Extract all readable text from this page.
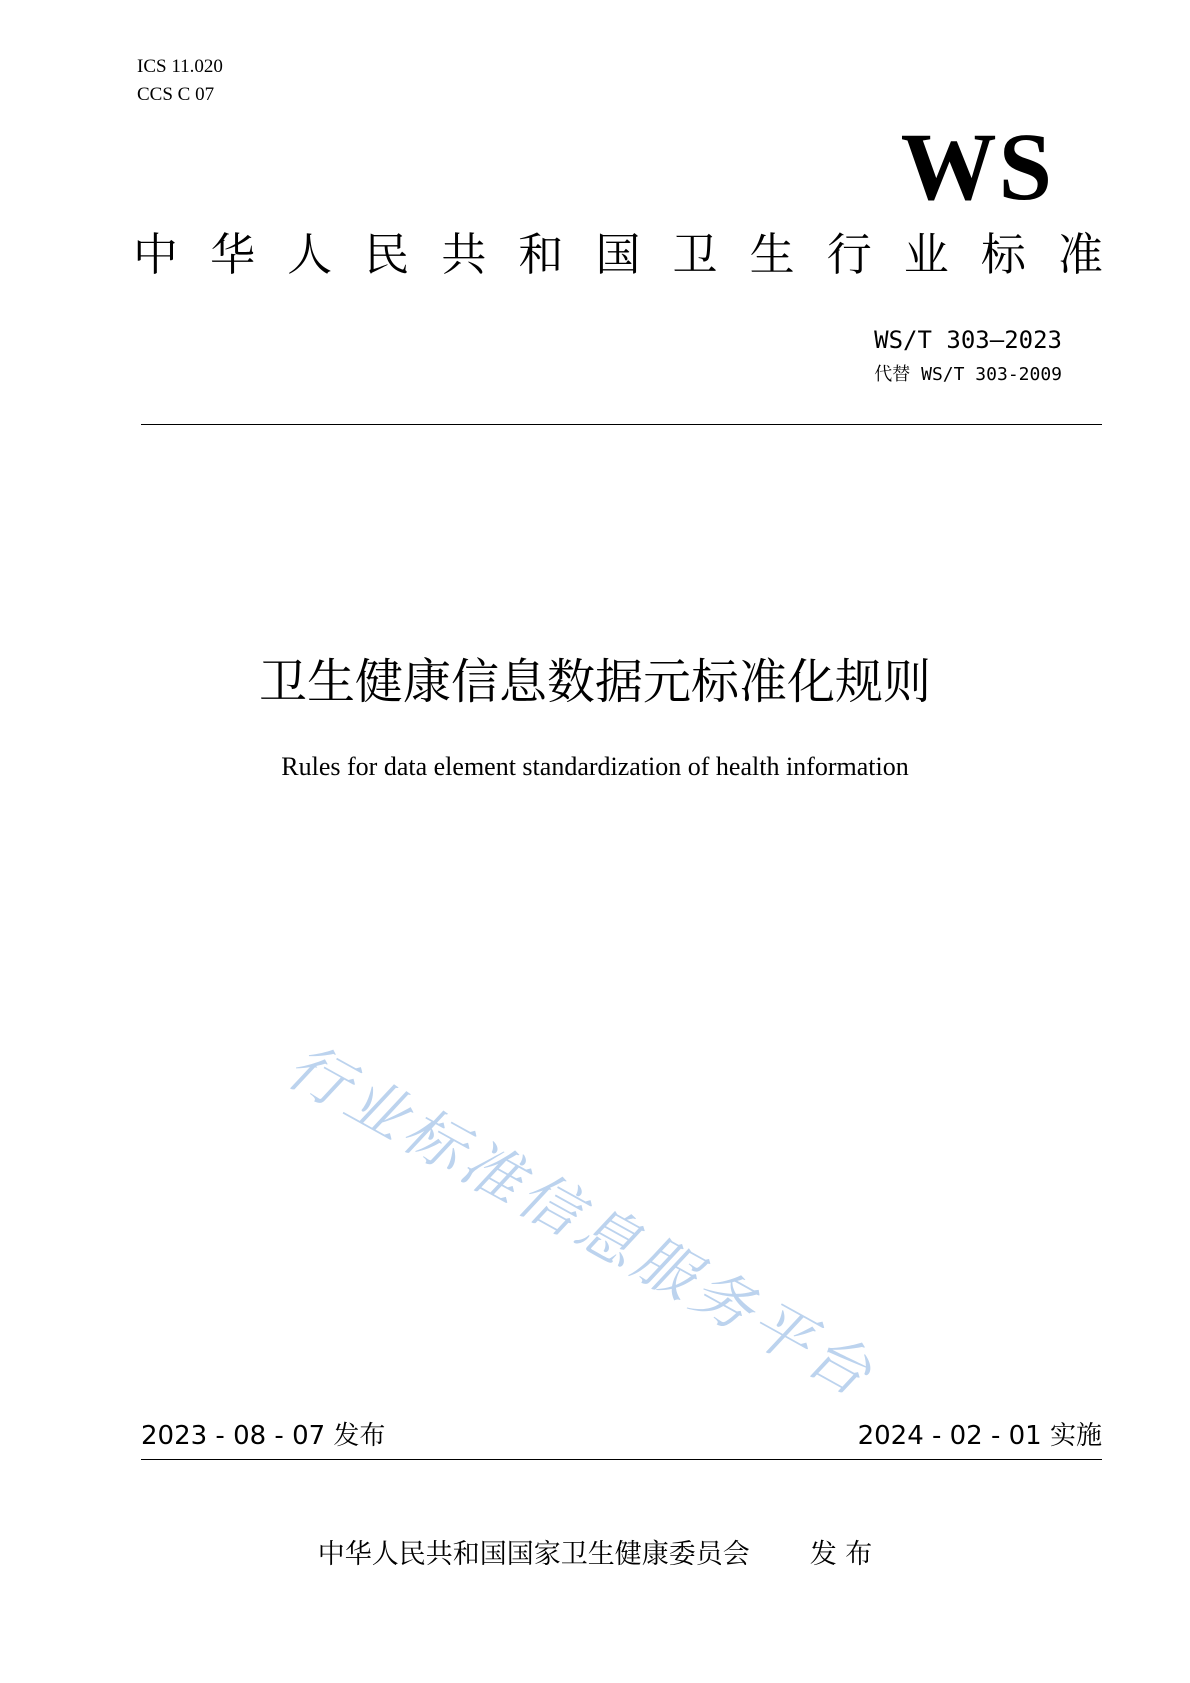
ICS 11.020
CCS C 07
WS
中 华 人 民 共 和 国 卫 生 行 业 标 准
WS/T 303—2023
代替 WS/T 303-2009
卫生健康信息数据元标准化规则
Rules for data element standardization of health information
行业标准信息服务平台
2023 - 08 - 07 发布	2024 - 02 - 01 实施
中华人民共和国国家卫生健康委员会 发 布
